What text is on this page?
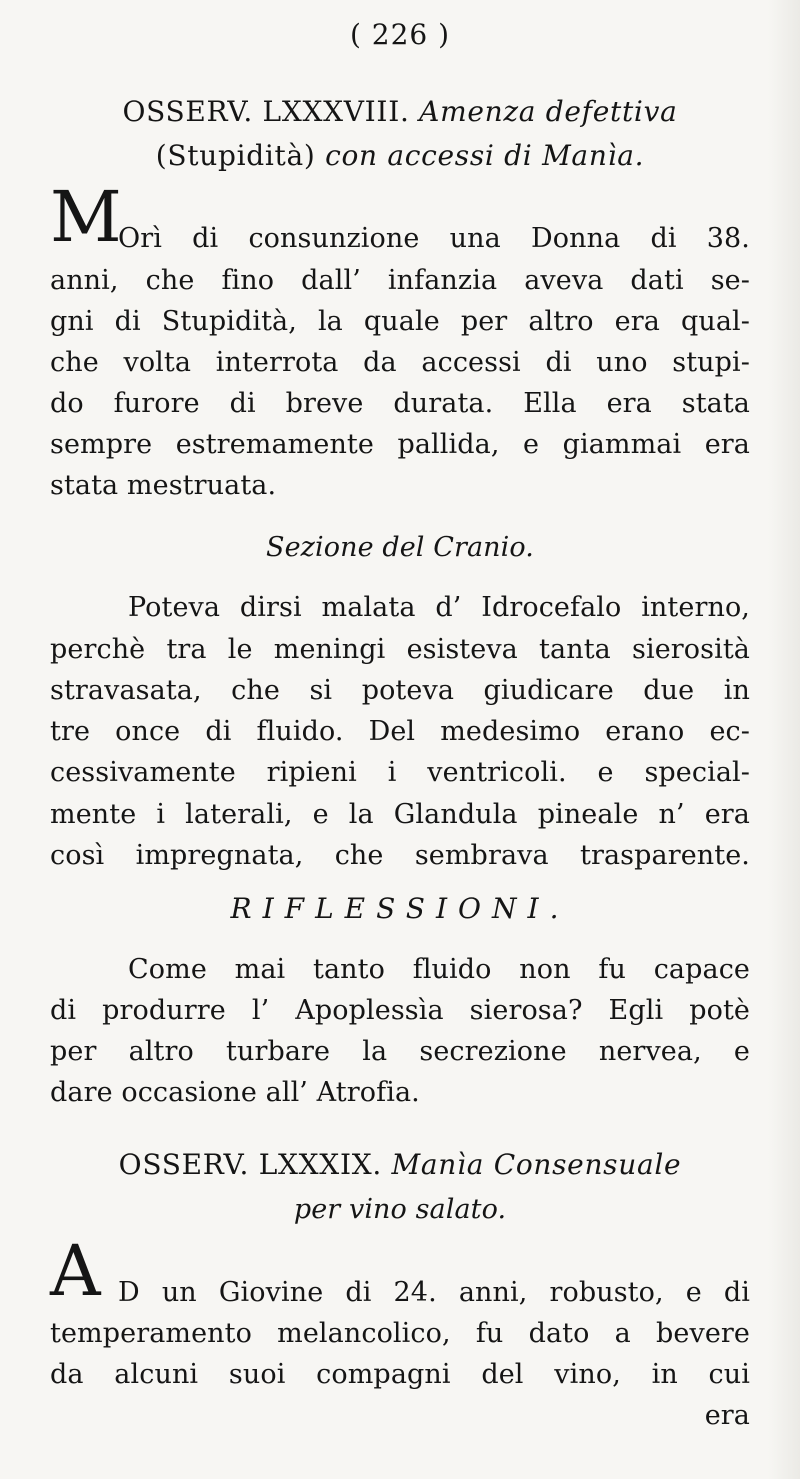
( 226 )
OSSERV. LXXXVIII. Amenza defettiva
(Stupidità) con accessi di Manìa.
M
Orì di consunzione una Donna di 38.
anni, che fino dall’ infanzia aveva dati se-
gni di Stupidità, la quale per altro era qual-
che volta interrota da accessi di uno stupi-
do furore di breve durata. Ella era stata
sempre estremamente pallida, e giammai era
stata mestruata.
Sezione del Cranio.
Poteva dirsi malata d’ Idrocefalo interno,
perchè tra le meningi esisteva tanta sierosità
stravasata, che si poteva giudicare due in
tre once di fluido. Del medesimo erano ec-
cessivamente ripieni i ventricoli. e special-
mente i laterali, e la Glandula pineale n’ era
così impregnata, che sembrava trasparente.
RIFLESSIONI.
Come mai tanto fluido non fu capace
di produrre l’ Apoplessìa sierosa? Egli potè
per altro turbare la secrezione nervea, e
dare occasione all’ Atrofia.
OSSERV. LXXXIX. Manìa Consensuale
per vino salato.
A D un Giovine di 24. anni, robusto, e di
temperamento melancolico, fu dato a bevere
da alcuni suoi compagni del vino, in cui
era
